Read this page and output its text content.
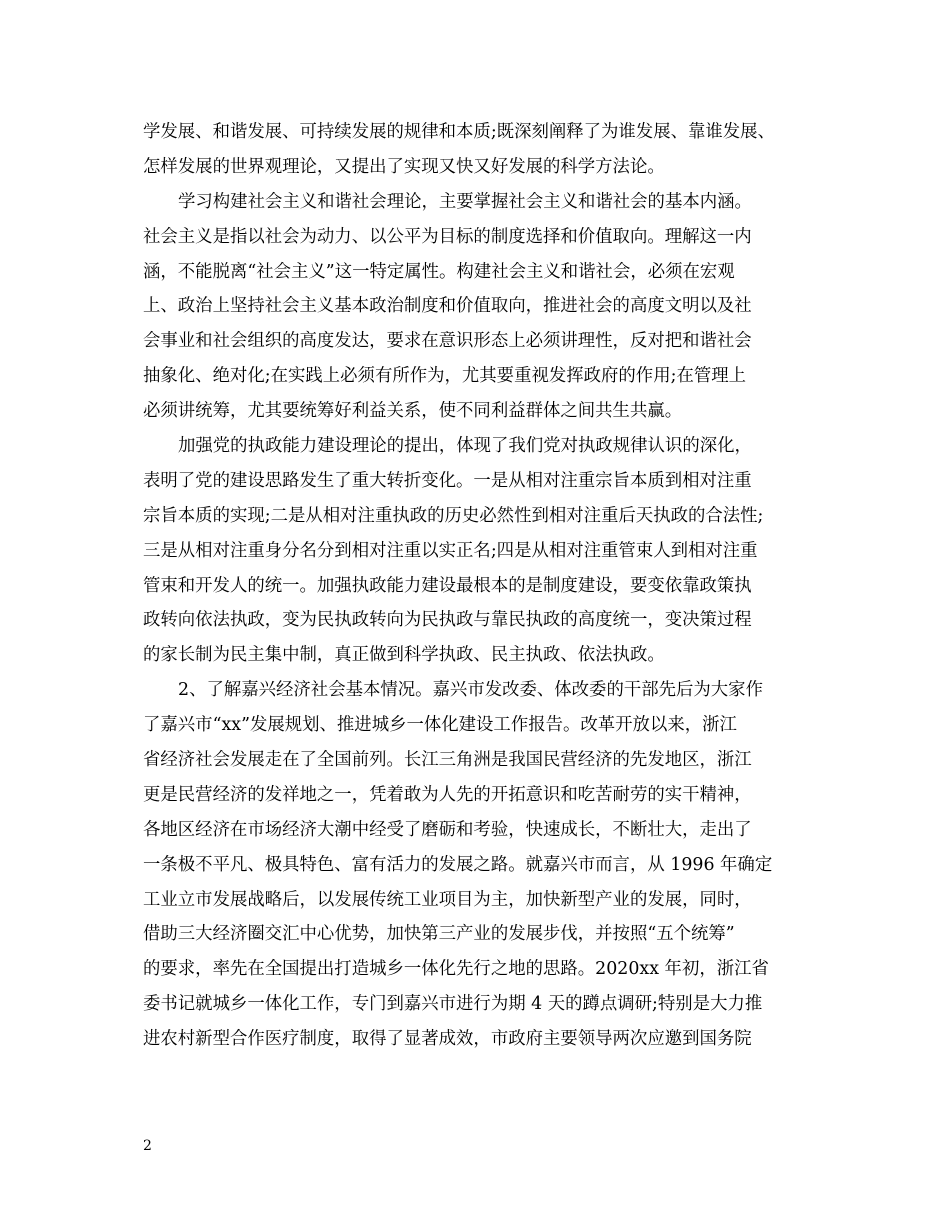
学发展、和谐发展、可持续发展的规律和本质;既深刻阐释了为谁发展、靠谁发展、
怎样发展的世界观理论，又提出了实现又快又好发展的科学方法论。
学习构建社会主义和谐社会理论，主要掌握社会主义和谐社会的基本内涵。
社会主义是指以社会为动力、以公平为目标的制度选择和价值取向。理解这一内
涵，不能脱离“社会主义”这一特定属性。构建社会主义和谐社会，必须在宏观
上、政治上坚持社会主义基本政治制度和价值取向，推进社会的高度文明以及社
会事业和社会组织的高度发达，要求在意识形态上必须讲理性，反对把和谐社会
抽象化、绝对化;在实践上必须有所作为，尤其要重视发挥政府的作用;在管理上
必须讲统筹，尤其要统筹好利益关系，使不同利益群体之间共生共赢。
加强党的执政能力建设理论的提出，体现了我们党对执政规律认识的深化，
表明了党的建设思路发生了重大转折变化。一是从相对注重宗旨本质到相对注重
宗旨本质的实现;二是从相对注重执政的历史必然性到相对注重后天执政的合法性;
三是从相对注重身分名分到相对注重以实正名;四是从相对注重管束人到相对注重
管束和开发人的统一。加强执政能力建设最根本的是制度建设，要变依靠政策执
政转向依法执政，变为民执政转向为民执政与靠民执政的高度统一，变决策过程
的家长制为民主集中制，真正做到科学执政、民主执政、依法执政。
2、了解嘉兴经济社会基本情况。嘉兴市发改委、体改委的干部先后为大家作
了嘉兴市“xx”发展规划、推进城乡一体化建设工作报告。改革开放以来，浙江
省经济社会发展走在了全国前列。长江三角洲是我国民营经济的先发地区，浙江
更是民营经济的发祥地之一，凭着敢为人先的开拓意识和吃苦耐劳的实干精神，
各地区经济在市场经济大潮中经受了磨砺和考验，快速成长，不断壮大，走出了
一条极不平凡、极具特色、富有活力的发展之路。就嘉兴市而言，从 1996 年确定
工业立市发展战略后，以发展传统工业项目为主，加快新型产业的发展，同时，
借助三大经济圈交汇中心优势，加快第三产业的发展步伐，并按照“五个统筹”
的要求，率先在全国提出打造城乡一体化先行之地的思路。2020xx 年初，浙江省
委书记就城乡一体化工作，专门到嘉兴市进行为期 4 天的蹲点调研;特别是大力推
进农村新型合作医疗制度，取得了显著成效，市政府主要领导两次应邀到国务院
2
